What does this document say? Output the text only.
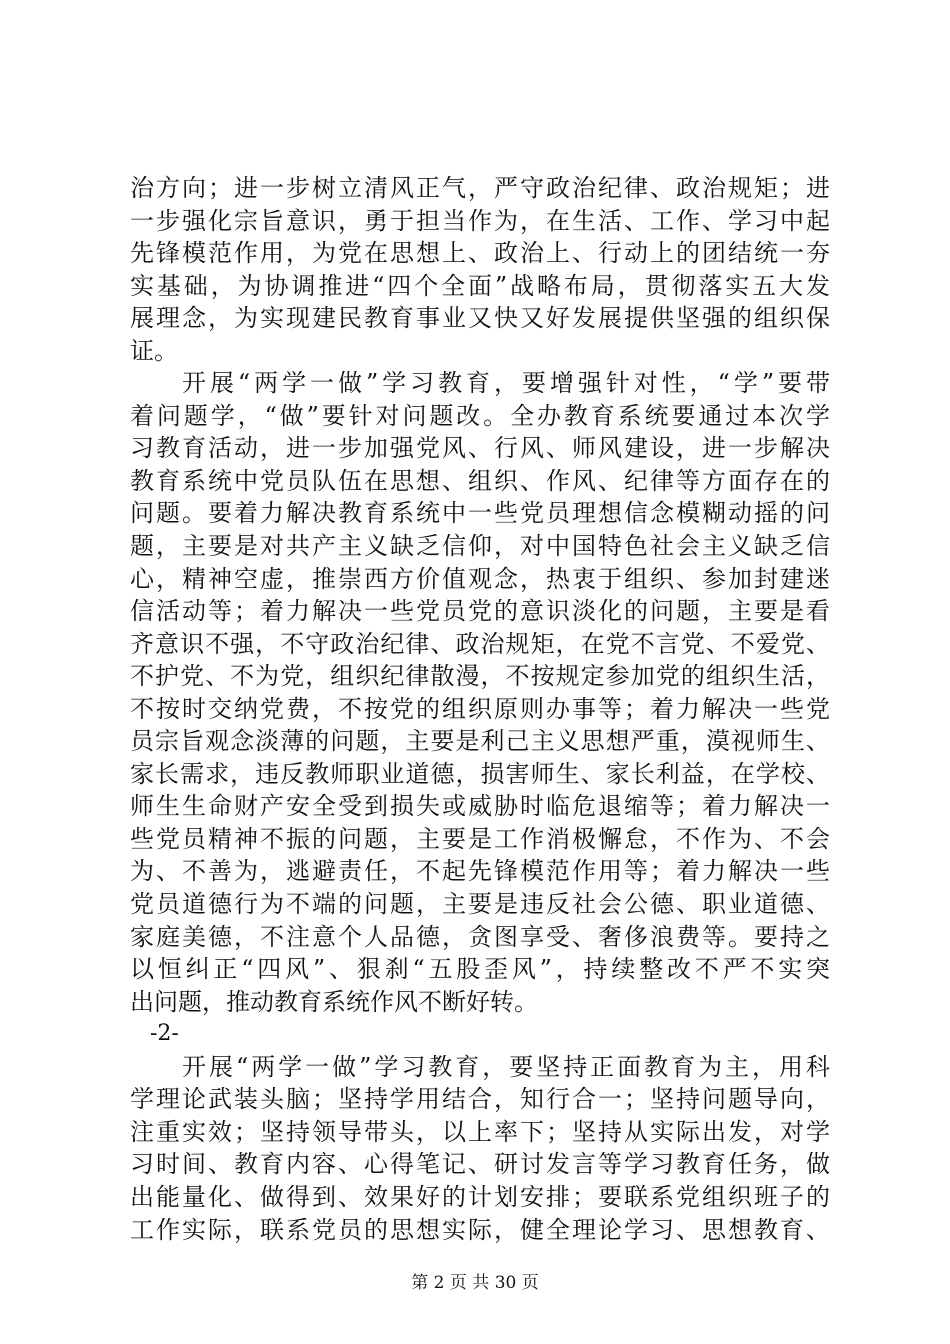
治方向；进一步树立清风正气，严守政治纪律、政治规矩；进
一步强化宗旨意识，勇于担当作为，在生活、工作、学习中起
先锋模范作用，为党在思想上、政治上、行动上的团结统一夯
实基础，为协调推进“四个全面”战略布局，贯彻落实五大发
展理念，为实现建民教育事业又快又好发展提供坚强的组织保
证。
开展“两学一做”学习教育，要增强针对性，“学”要带
着问题学，“做”要针对问题改。全办教育系统要通过本次学
习教育活动，进一步加强党风、行风、师风建设，进一步解决
教育系统中党员队伍在思想、组织、作风、纪律等方面存在的
问题。要着力解决教育系统中一些党员理想信念模糊动摇的问
题，主要是对共产主义缺乏信仰，对中国特色社会主义缺乏信
心，精神空虚，推崇西方价值观念，热衷于组织、参加封建迷
信活动等；着力解决一些党员党的意识淡化的问题，主要是看
齐意识不强，不守政治纪律、政治规矩，在党不言党、不爱党、
不护党、不为党，组织纪律散漫，不按规定参加党的组织生活，
不按时交纳党费，不按党的组织原则办事等；着力解决一些党
员宗旨观念淡薄的问题，主要是利己主义思想严重，漠视师生、
家长需求，违反教师职业道德，损害师生、家长利益，在学校、
师生生命财产安全受到损失或威胁时临危退缩等；着力解决一
些党员精神不振的问题，主要是工作消极懈怠，不作为、不会
为、不善为，逃避责任，不起先锋模范作用等；着力解决一些
党员道德行为不端的问题，主要是违反社会公德、职业道德、
家庭美德，不注意个人品德，贪图享受、奢侈浪费等。要持之
以恒纠正“四风”、狠刹“五股歪风”，持续整改不严不实突
出问题，推动教育系统作风不断好转。
-2-
开展“两学一做”学习教育，要坚持正面教育为主，用科
学理论武装头脑；坚持学用结合，知行合一；坚持问题导向，
注重实效；坚持领导带头，以上率下；坚持从实际出发，对学
习时间、教育内容、心得笔记、研讨发言等学习教育任务，做
出能量化、做得到、效果好的计划安排；要联系党组织班子的
工作实际，联系党员的思想实际，健全理论学习、思想教育、
第 2 页 共 30 页
